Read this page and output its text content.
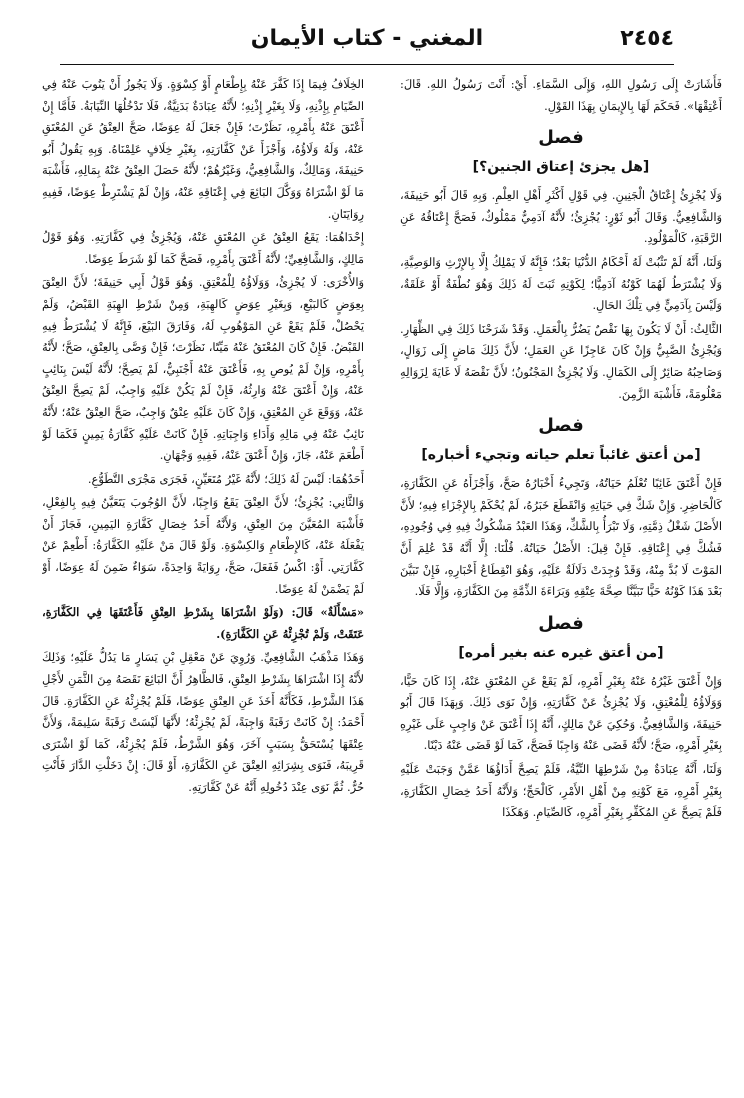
٢٤٥٤
المغني - كتاب الأيمان

فَأَشَارَتْ إِلَى رَسُولِ اللهِ، وَإِلَى السَّمَاءِ. أَيْ: أَنْتَ رَسُولُ اللهِ. قَالَ: أَعْتِقْهَا». فَحَكَمَ لَهَا بِالإِيمَانِ بِهَذَا القَوْلِ.

فصل
[هل يجزئ إعتاق الجنين؟]

وَلَا يُجْزِئُ إِعْتَاقُ الْجَنِينِ. فِي قَوْلِ أَكْثَرِ أَهْلِ العِلْمِ. وَبِهِ قَالَ أَبُو حَنِيفَةَ، وَالشَّافِعِيُّ. وَقَالَ أَبُو ثَوْرٍ: يُجْزِئُ؛ لأَنَّهُ آدَمِيٌّ مَمْلُوكٌ، فَصَحَّ إِعْتَاقُهُ عَنِ الرَّقَبَةِ، كَالْمَوْلُودِ.

وَلَنَا، أَنَّهُ لَمْ تَثْبُتْ لَهُ أَحْكَامُ الدُّنْيَا بَعْدُ؛ فَإِنَّهُ لَا يَمْلِكُ إِلَّا بِالإِرْثِ وَالوَصِيَّةِ، وَلَا يُشْتَرَطُ لَهُمَا كَوْنُهُ آدَمِيًّا؛ لِكَوْنِهِ ثَبَتَ لَهُ ذَلِكَ وَهُوَ نُطْفَةٌ أَوْ عَلَقَةٌ، وَلَيْسَ بِآدَمِيٍّ فِي تِلْكَ الحَالِ.

الثَّالِثُ: أَنْ لَا يَكُونَ بِهَا نَقْصٌ يَضُرُّ بِالْعَمَلِ. وَقَدْ شَرَحْنَا ذَلِكَ فِي الظِّهَارِ. وَيُجْزِئُ الصَّبِيُّ وَإِنْ كَانَ عَاجِزًا عَنِ العَمَلِ؛ لأَنَّ ذَلِكَ مَاضٍ إِلَى زَوَالٍ، وَصَاحِبُهُ صَائِرٌ إِلَى الكَمَالِ. وَلَا يُجْزِئُ المَجْنُونُ؛ لأَنَّ نَقْصَهُ لَا غَايَةَ لِزَوَالِهِ مَعْلُومَةً، فَأَشْبَهَ الزَّمِنَ.

فصل
[من أعتق غائباً تعلم حياته وتجيء أخباره]

فَإِنْ أَعْتَقَ غَائِبًا تُعْلَمُ حَيَاتُهُ، وَتَجِيءُ أَخْبَارُهُ صَحَّ، وَأَجْزَأَهُ عَنِ الكَفَّارَةِ، كَالْحَاضِرِ. وَإِنْ شَكَّ فِي حَيَاتِهِ وَانْقَطَعَ خَبَرُهُ، لَمْ يُحْكَمْ بِالإِجْزَاءِ فِيهِ؛ لأَنَّ الأَصْلَ شَغْلُ ذِمَّتِهِ، وَلَا تَبْرَأُ بِالشَّكِّ، وَهَذَا العَبْدُ مَشْكُوكٌ فِيهِ فِي وُجُودِهِ، فَشُكَّ فِي إِعْتَاقِهِ. فَإِنْ قِيلَ: الأَصْلُ حَيَاتُهُ. قُلْنَا: إِلَّا أَنَّهُ قَدْ عُلِمَ أَنَّ المَوْتَ لَا بُدَّ مِنْهُ، وَقَدْ وُجِدَتْ دَلَالَةٌ عَلَيْهِ، وَهُوَ انْقِطَاعُ أَخْبَارِهِ، فَإِنْ تَبَيَّنَ بَعْدَ هَذَا كَوْنُهُ حَيًّا تَبَيَّنَّا صِحَّةَ عِتْقِهِ وَبَرَاءَةَ الذِّمَّةِ مِنَ الكَفَّارَةِ، وَإِلَّا فَلَا.

فصل
[من أعتق غيره عنه بغير أمره]

وَإِنْ أَعْتَقَ غَيْرُهُ عَنْهُ بِغَيْرِ أَمْرِهِ، لَمْ يَقَعْ عَنِ المُعْتَقِ عَنْهُ، إِذَا كَانَ حَيًّا، وَوَلَاؤُهُ لِلْمُعْتِقِ، وَلَا يُجْزِئُ عَنْ كَفَّارَتِهِ، وَإِنْ نَوَى ذَلِكَ. وَبِهَذَا قَالَ أَبُو حَنِيفَةَ، وَالشَّافِعِيُّ. وَحُكِيَ عَنْ مَالِكٍ، أَنَّهُ إِذَا أَعْتَقَ عَنْ وَاجِبٍ عَلَى غَيْرِهِ بِغَيْرِ أَمْرِهِ، صَحَّ؛ لأَنَّهُ قَضَى عَنْهُ وَاجِبًا فَصَحَّ، كَمَا لَوْ قَضَى عَنْهُ دَيْنًا.

وَلَنَا، أَنَّهُ عِبَادَةٌ مِنْ شَرْطِهَا النِّيَّةُ، فَلَمْ يَصِحَّ أَدَاؤُهَا عَمَّنْ وَجَبَتْ عَلَيْهِ بِغَيْرِ أَمْرِهِ، مَعَ كَوْنِهِ مِنْ أَهْلِ الأَمْرِ، كَالْحَجِّ؛ وَلأَنَّهُ أَحَدُ خِصَالِ الكَفَّارَةِ، فَلَمْ يَصِحَّ عَنِ المُكَفِّرِ بِغَيْرِ أَمْرِهِ، كَالصِّيَامِ. وَهَكَذَا

الخِلَافُ فِيمَا إِذَا كَفَّرَ عَنْهُ بِإِطْعَامٍ أَوْ كِسْوَةٍ. وَلَا يَجُوزُ أَنْ يَنُوبَ عَنْهُ فِي الصِّيَامِ بِإِذْنِهِ، وَلَا بِغَيْرِ إِذْنِهِ؛ لأَنَّهُ عِبَادَةٌ بَدَنِيَّةٌ، فَلَا تَدْخُلُهَا النِّيَابَةُ. فَأَمَّا إِنْ أَعْتَقَ عَنْهُ بِأَمْرِهِ، نَظَرْتَ؛ فَإِنْ جَعَلَ لَهُ عِوَضًا، صَحَّ العِتْقُ عَنِ المُعْتَقِ عَنْهُ، وَلَهُ وَلَاؤُهُ، وَأَجْزَأَ عَنْ كَفَّارَتِهِ، بِغَيْرِ خِلَافٍ عَلِمْنَاهُ. وَبِهِ يَقُولُ أَبُو حَنِيفَةَ، وَمَالِكٌ، وَالشَّافِعِيُّ، وَغَيْرُهُمْ؛ لأَنَّهُ حَصَلَ العِتْقُ عَنْهُ بِمَالِهِ، فَأَشْبَهَ مَا لَوْ اشْتَرَاهُ وَوَكَّلَ البَائِعَ فِي إِعْتَاقِهِ عَنْهُ، وَإِنْ لَمْ يَشْتَرِطْ عِوَضًا، فَفِيهِ رِوَايَتَانِ.

إِحْدَاهُمَا: يَقَعُ العِتْقُ عَنِ المُعْتَقِ عَنْهُ، وَيُجْزِئُ فِي كَفَّارَتِهِ. وَهُوَ قَوْلُ مَالِكٍ، وَالشَّافِعِيِّ؛ لأَنَّهُ أَعْتَقَ بِأَمْرِهِ، فَصَحَّ كَمَا لَوْ شَرَطَ عِوَضًا.

وَالأُخْرَى: لَا يُجْزِئُ، وَوَلَاؤُهُ لِلْمُعْتِقِ. وَهُوَ قَوْلُ أَبِي حَنِيفَةَ؛ لأَنَّ العِتْقَ بِعِوَضٍ كَالبَيْعِ، وَبِغَيْرِ عِوَضٍ كَالهِبَةِ، وَمِنْ شَرْطِ الهِبَةِ القَبْضُ، وَلَمْ يَحْصُلْ، فَلَمْ يَقَعْ عَنِ المَوْهُوبِ لَهُ، وَفَارَقَ البَيْعَ، فَإِنَّهُ لَا يُشْتَرَطُ فِيهِ القَبْضُ. فَإِنْ كَانَ المُعْتَقُ عَنْهُ مَيِّتًا، نَظَرْتَ؛ فَإِنْ وَصَّى بِالعِتْقِ، صَحَّ؛ لأَنَّهُ بِأَمْرِهِ، وَإِنْ لَمْ يُوصِ بِهِ، فَأَعْتَقَ عَنْهُ أَجْنَبِيٌّ، لَمْ يَصِحَّ؛ لأَنَّهُ لَيْسَ بِنَائِبٍ عَنْهُ، وَإِنْ أَعْتَقَ عَنْهُ وَارِثُهُ، فَإِنْ لَمْ يَكُنْ عَلَيْهِ وَاجِبٌ، لَمْ يَصِحَّ العِتْقُ عَنْهُ، وَوَقَعَ عَنِ المُعْتِقِ، وَإِنْ كَانَ عَلَيْهِ عِتْقٌ وَاجِبٌ، صَحَّ العِتْقُ عَنْهُ؛ لأَنَّهُ نَائِبٌ عَنْهُ فِي مَالِهِ وَأَدَاءِ وَاجِبَاتِهِ. فَإِنْ كَانَتْ عَلَيْهِ كَفَّارَةُ يَمِينٍ فَكَمَا لَوْ أَطْعَمَ عَنْهُ، جَازَ، وَإِنْ أَعْتَقَ عَنْهُ، فَفِيهِ وَجْهَانِ.

أَحَدُهُمَا: لَيْسَ لَهُ ذَلِكَ؛ لأَنَّهُ غَيْرُ مُتَعَيِّنٍ، فَجَرَى مَجْرَى التَّطَوُّعِ.

وَالثَّانِي: يُجْزِئُ؛ لأَنَّ العِتْقَ يَقَعُ وَاجِبًا، لأَنَّ الوُجُوبَ يَتَعَيَّنُ فِيهِ بِالفِعْلِ، فَأَشْبَهَ المُعَيَّنَ مِنَ العِتْقِ، وَلأَنَّهُ أَحَدُ خِصَالِ كَفَّارَةِ اليَمِينِ، فَجَازَ أَنْ يَفْعَلَهُ عَنْهُ، كَالإِطْعَامِ وَالكِسْوَةِ. وَلَوْ قَالَ مَنْ عَلَيْهِ الكَفَّارَةُ: أَطْعِمْ عَنْ كَفَّارَتِي. أَوْ: اكْسُ فَفَعَلَ، صَحَّ، رِوَايَةً وَاحِدَةً، سَوَاءٌ ضَمِنَ لَهُ عِوَضًا، أَوْ لَمْ يَضْمَنْ لَهُ عِوَضًا.

«مَسْأَلَةٌ» قَالَ: (وَلَوْ اشْتَرَاهَا بِشَرْطِ العِتْقِ فَأَعْتَقَهَا فِي الكَفَّارَةِ، عَتَقَتْ، وَلَمْ تُجْزِئْهُ عَنِ الكَفَّارَةِ).

وَهَذَا مَذْهَبُ الشَّافِعِيِّ. وَرُوِيَ عَنْ مَعْقِلِ بْنِ يَسَارٍ مَا يَدُلُّ عَلَيْهِ؛ وَذَلِكَ لأَنَّهُ إِذَا اشْتَرَاهَا بِشَرْطِ العِتْقِ، فَالظَّاهِرُ أَنَّ البَائِعَ نَقَصَهُ مِنَ الثَّمَنِ لأَجْلِ هَذَا الشَّرْطِ، فَكَأَنَّهُ أَخَذَ عَنِ العِتْقِ عِوَضًا، فَلَمْ يُجْزِئْهُ عَنِ الكَفَّارَةِ. قَالَ أَحْمَدُ: إِنْ كَانَتْ رَقَبَةً وَاجِبَةً، لَمْ يُجْزِئْهُ؛ لأَنَّهَا لَيْسَتْ رَقَبَةً سَلِيمَةً، وَلأَنَّ عِتْقَهَا يُسْتَحَقُّ بِسَبَبٍ آخَرَ، وَهُوَ الشَّرْطُ، فَلَمْ يُجْزِئْهُ، كَمَا لَوْ اشْتَرَى قَرِيبَهُ، فَنَوَى بِشِرَائِهِ العِتْقَ عَنِ الكَفَّارَةِ، أَوْ قَالَ: إِنْ دَخَلْتِ الدَّارَ فَأَنْتِ حُرٌّ. ثُمَّ نَوَى عِنْدَ دُخُولِهِ أَنَّهُ عَنْ كَفَّارَتِهِ.
